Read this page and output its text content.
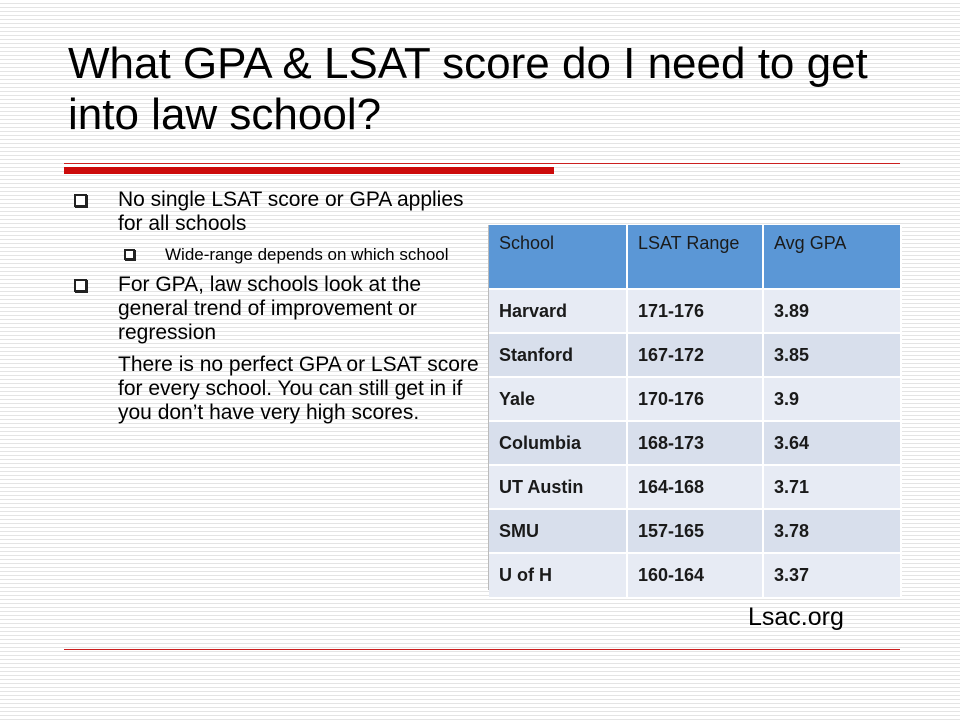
What GPA & LSAT score do I need to get into law school?
No single LSAT score or GPA applies for all schools
Wide-range depends on which school
For GPA, law schools look at the general trend of improvement or regression
There is no perfect GPA or LSAT score for every school. You can still get in if you don’t have very high scores.
School	LSAT Range	Avg GPA
Harvard	171-176	3.89
Stanford	167-172	3.85
Yale	170-176	3.9
Columbia	168-173	3.64
UT Austin	164-168	3.71
SMU	157-165	3.78
U of H	160-164	3.37
Lsac.org
